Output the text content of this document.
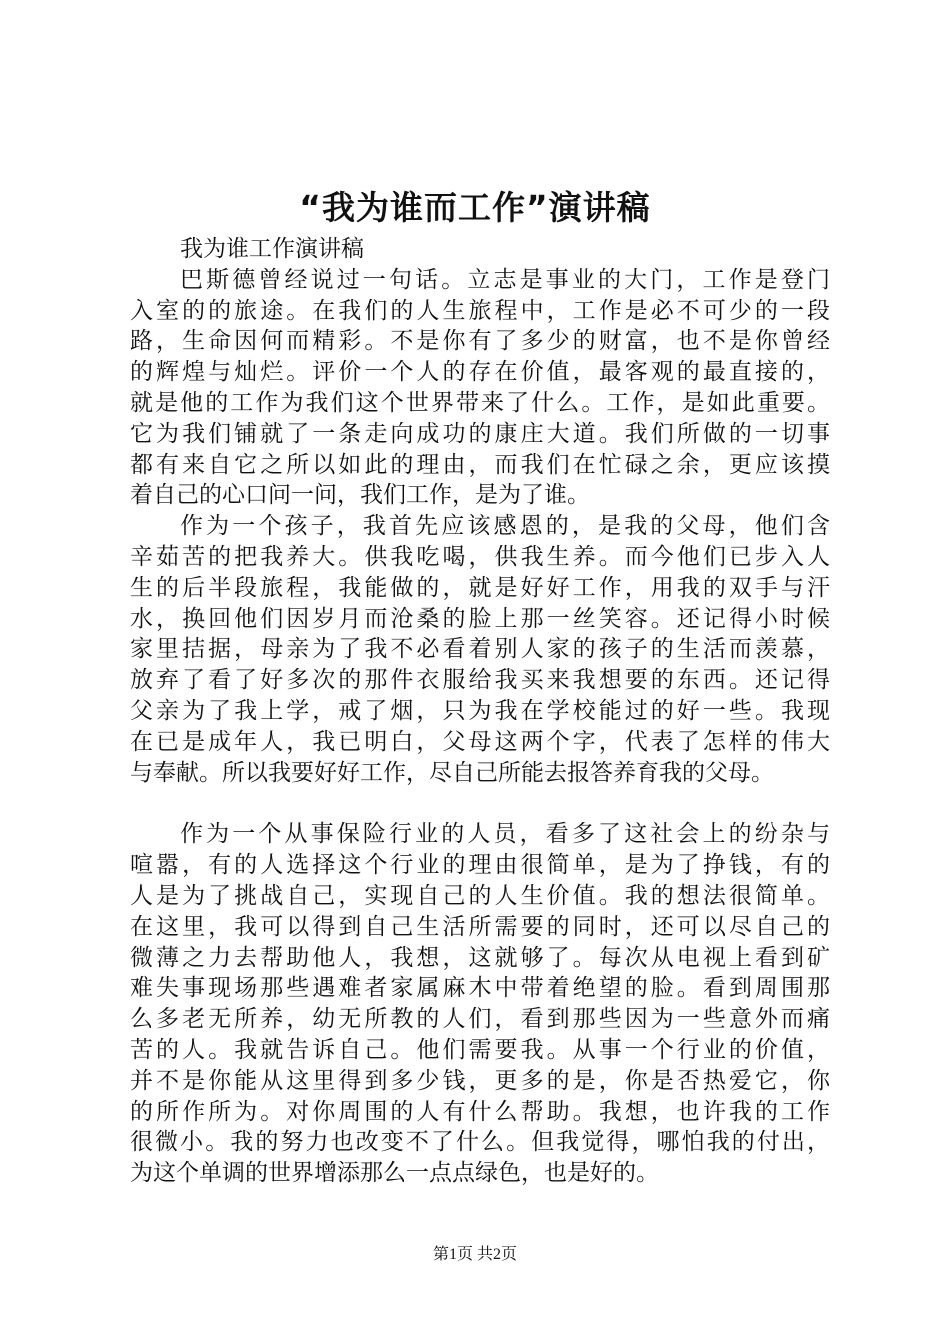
“我为谁而工作”演讲稿
我为谁工作演讲稿
巴斯德曾经说过一句话。立志是事业的大门，工作是登门
入室的的旅途。在我们的人生旅程中，工作是必不可少的一段
路，生命因何而精彩。不是你有了多少的财富，也不是你曾经
的辉煌与灿烂。评价一个人的存在价值，最客观的最直接的，
就是他的工作为我们这个世界带来了什么。工作，是如此重要。
它为我们铺就了一条走向成功的康庄大道。我们所做的一切事
都有来自它之所以如此的理由，而我们在忙碌之余，更应该摸
着自己的心口问一问，我们工作，是为了谁。
作为一个孩子，我首先应该感恩的，是我的父母，他们含
辛茹苦的把我养大。供我吃喝，供我生养。而今他们已步入人
生的后半段旅程，我能做的，就是好好工作，用我的双手与汗
水，换回他们因岁月而沧桑的脸上那一丝笑容。还记得小时候
家里拮据，母亲为了我不必看着别人家的孩子的生活而羡慕，
放弃了看了好多次的那件衣服给我买来我想要的东西。还记得
父亲为了我上学，戒了烟，只为我在学校能过的好一些。我现
在已是成年人，我已明白，父母这两个字，代表了怎样的伟大
与奉献。所以我要好好工作，尽自己所能去报答养育我的父母。
作为一个从事保险行业的人员，看多了这社会上的纷杂与
喧嚣，有的人选择这个行业的理由很简单，是为了挣钱，有的
人是为了挑战自己，实现自己的人生价值。我的想法很简单。
在这里，我可以得到自己生活所需要的同时，还可以尽自己的
微薄之力去帮助他人，我想，这就够了。每次从电视上看到矿
难失事现场那些遇难者家属麻木中带着绝望的脸。看到周围那
么多老无所养，幼无所教的人们，看到那些因为一些意外而痛
苦的人。我就告诉自己。他们需要我。从事一个行业的价值，
并不是你能从这里得到多少钱，更多的是，你是否热爱它，你
的所作所为。对你周围的人有什么帮助。我想，也许我的工作
很微小。我的努力也改变不了什么。但我觉得，哪怕我的付出，
为这个单调的世界增添那么一点点绿色，也是好的。
第1页 共2页
